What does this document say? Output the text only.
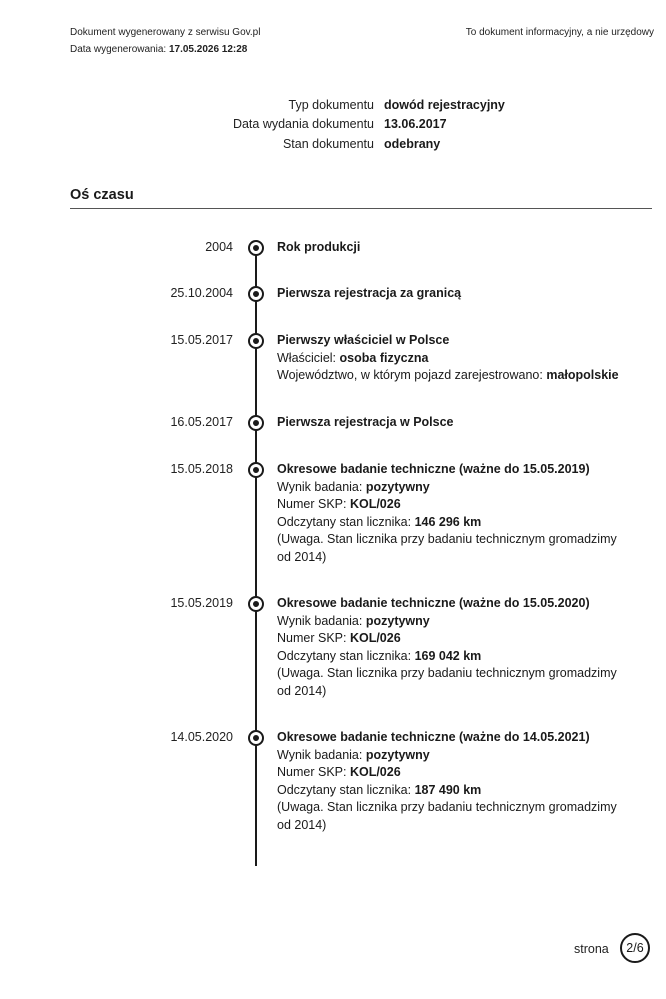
Dokument wygenerowany z serwisu Gov.pl
Data wygenerowania: 17.05.2026 12:28
To dokument informacyjny, a nie urzędowy
Typ dokumentu dowód rejestracyjny
Data wydania dokumentu 13.06.2017
Stan dokumentu odebrany
Oś czasu
2004	Rok produkcji
25.10.2004	Pierwsza rejestracja za granicą
15.05.2017	Pierwszy właściciel w Polsce
Właściciel: osoba fizyczna
Województwo, w którym pojazd zarejestrowano: małopolskie
16.05.2017	Pierwsza rejestracja w Polsce
15.05.2018	Okresowe badanie techniczne (ważne do 15.05.2019)
Wynik badania: pozytywny
Numer SKP: KOL/026
Odczytany stan licznika: 146 296 km
(Uwaga. Stan licznika przy badaniu technicznym gromadzimy od 2014)
15.05.2019	Okresowe badanie techniczne (ważne do 15.05.2020)
Wynik badania: pozytywny
Numer SKP: KOL/026
Odczytany stan licznika: 169 042 km
(Uwaga. Stan licznika przy badaniu technicznym gromadzimy od 2014)
14.05.2020	Okresowe badanie techniczne (ważne do 14.05.2021)
Wynik badania: pozytywny
Numer SKP: KOL/026
Odczytany stan licznika: 187 490 km
(Uwaga. Stan licznika przy badaniu technicznym gromadzimy od 2014)
strona	2/6
